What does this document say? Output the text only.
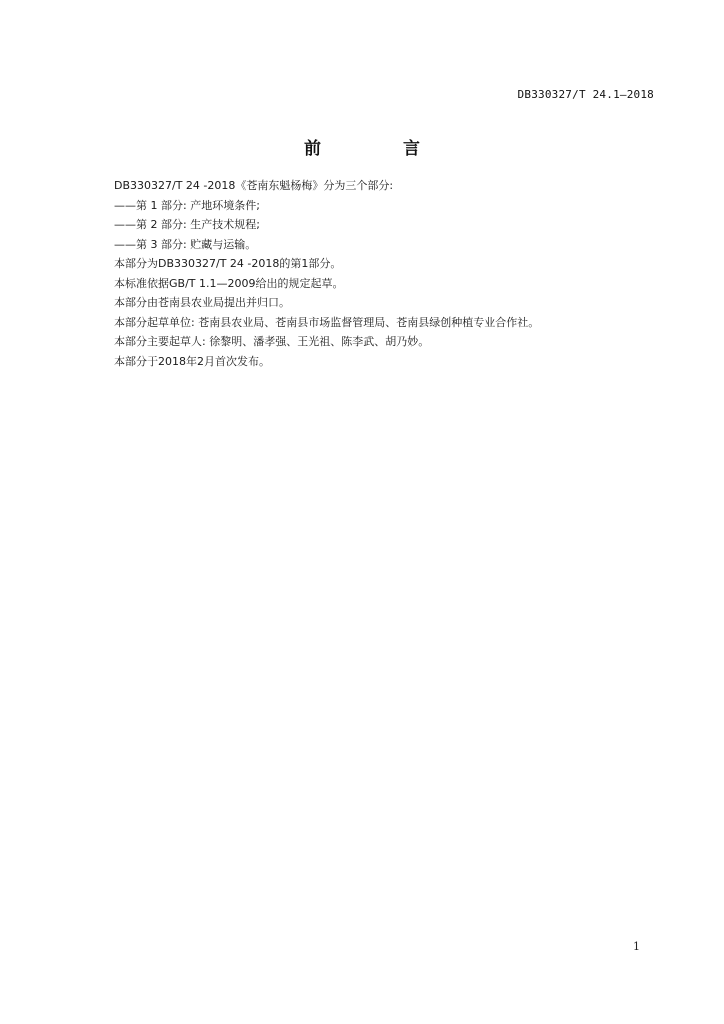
DB330327/T 24.1—2018
前 言
DB330327/T 24 -2018《苍南东魁杨梅》分为三个部分:
——第 1 部分: 产地环境条件;
——第 2 部分: 生产技术规程;
——第 3 部分: 贮藏与运输。
本部分为DB330327/T 24 -2018的第1部分。
本标准依据GB/T 1.1—2009给出的规定起草。
本部分由苍南县农业局提出并归口。
本部分起草单位: 苍南县农业局、苍南县市场监督管理局、苍南县绿创种植专业合作社。
本部分主要起草人: 徐黎明、潘孝强、王光祖、陈李武、胡乃妙。
本部分于2018年2月首次发布。
1
